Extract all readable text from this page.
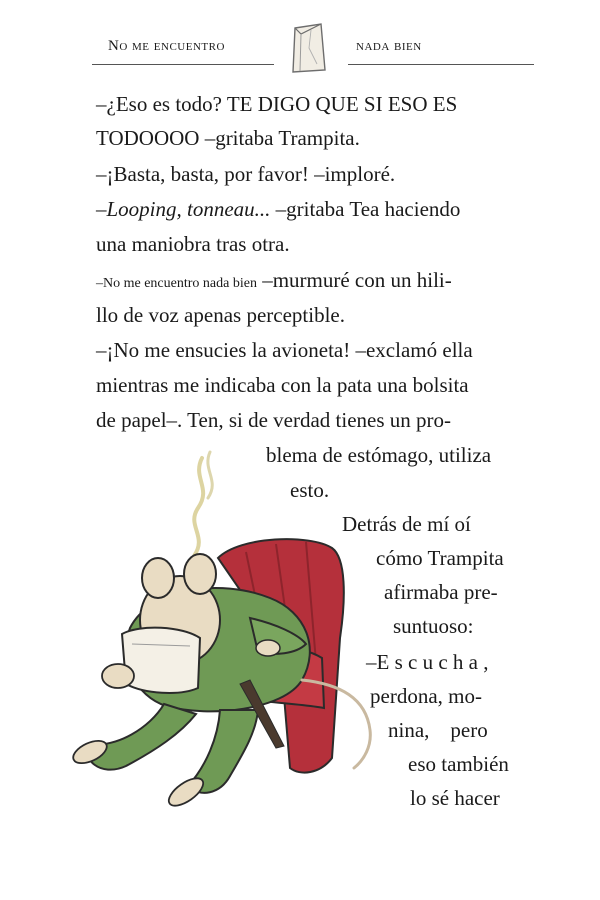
No me encuentro	nada bien
–¿Eso es todo? TE DIGO QUE SI ESO ES
TODOOOO –gritaba Trampita.
–¡Basta, basta, por favor! –imploré.
–Looping, tonneau... –gritaba Tea haciendo
una maniobra tras otra.
–No me encuentro nada bien –murmuré con un hili-
llo de voz apenas perceptible.
–¡No me ensucies la avioneta! –exclamó ella
mientras me indicaba con la pata una bolsita
de papel–. Ten, si de verdad tienes un pro-
blema de estómago, utiliza
esto.
Detrás de mí oí
cómo Trampita
afirmaba pre-
suntuoso:
–E s c u c h a ,
perdona, mo-
nina,    pero
eso también
lo sé hacer
